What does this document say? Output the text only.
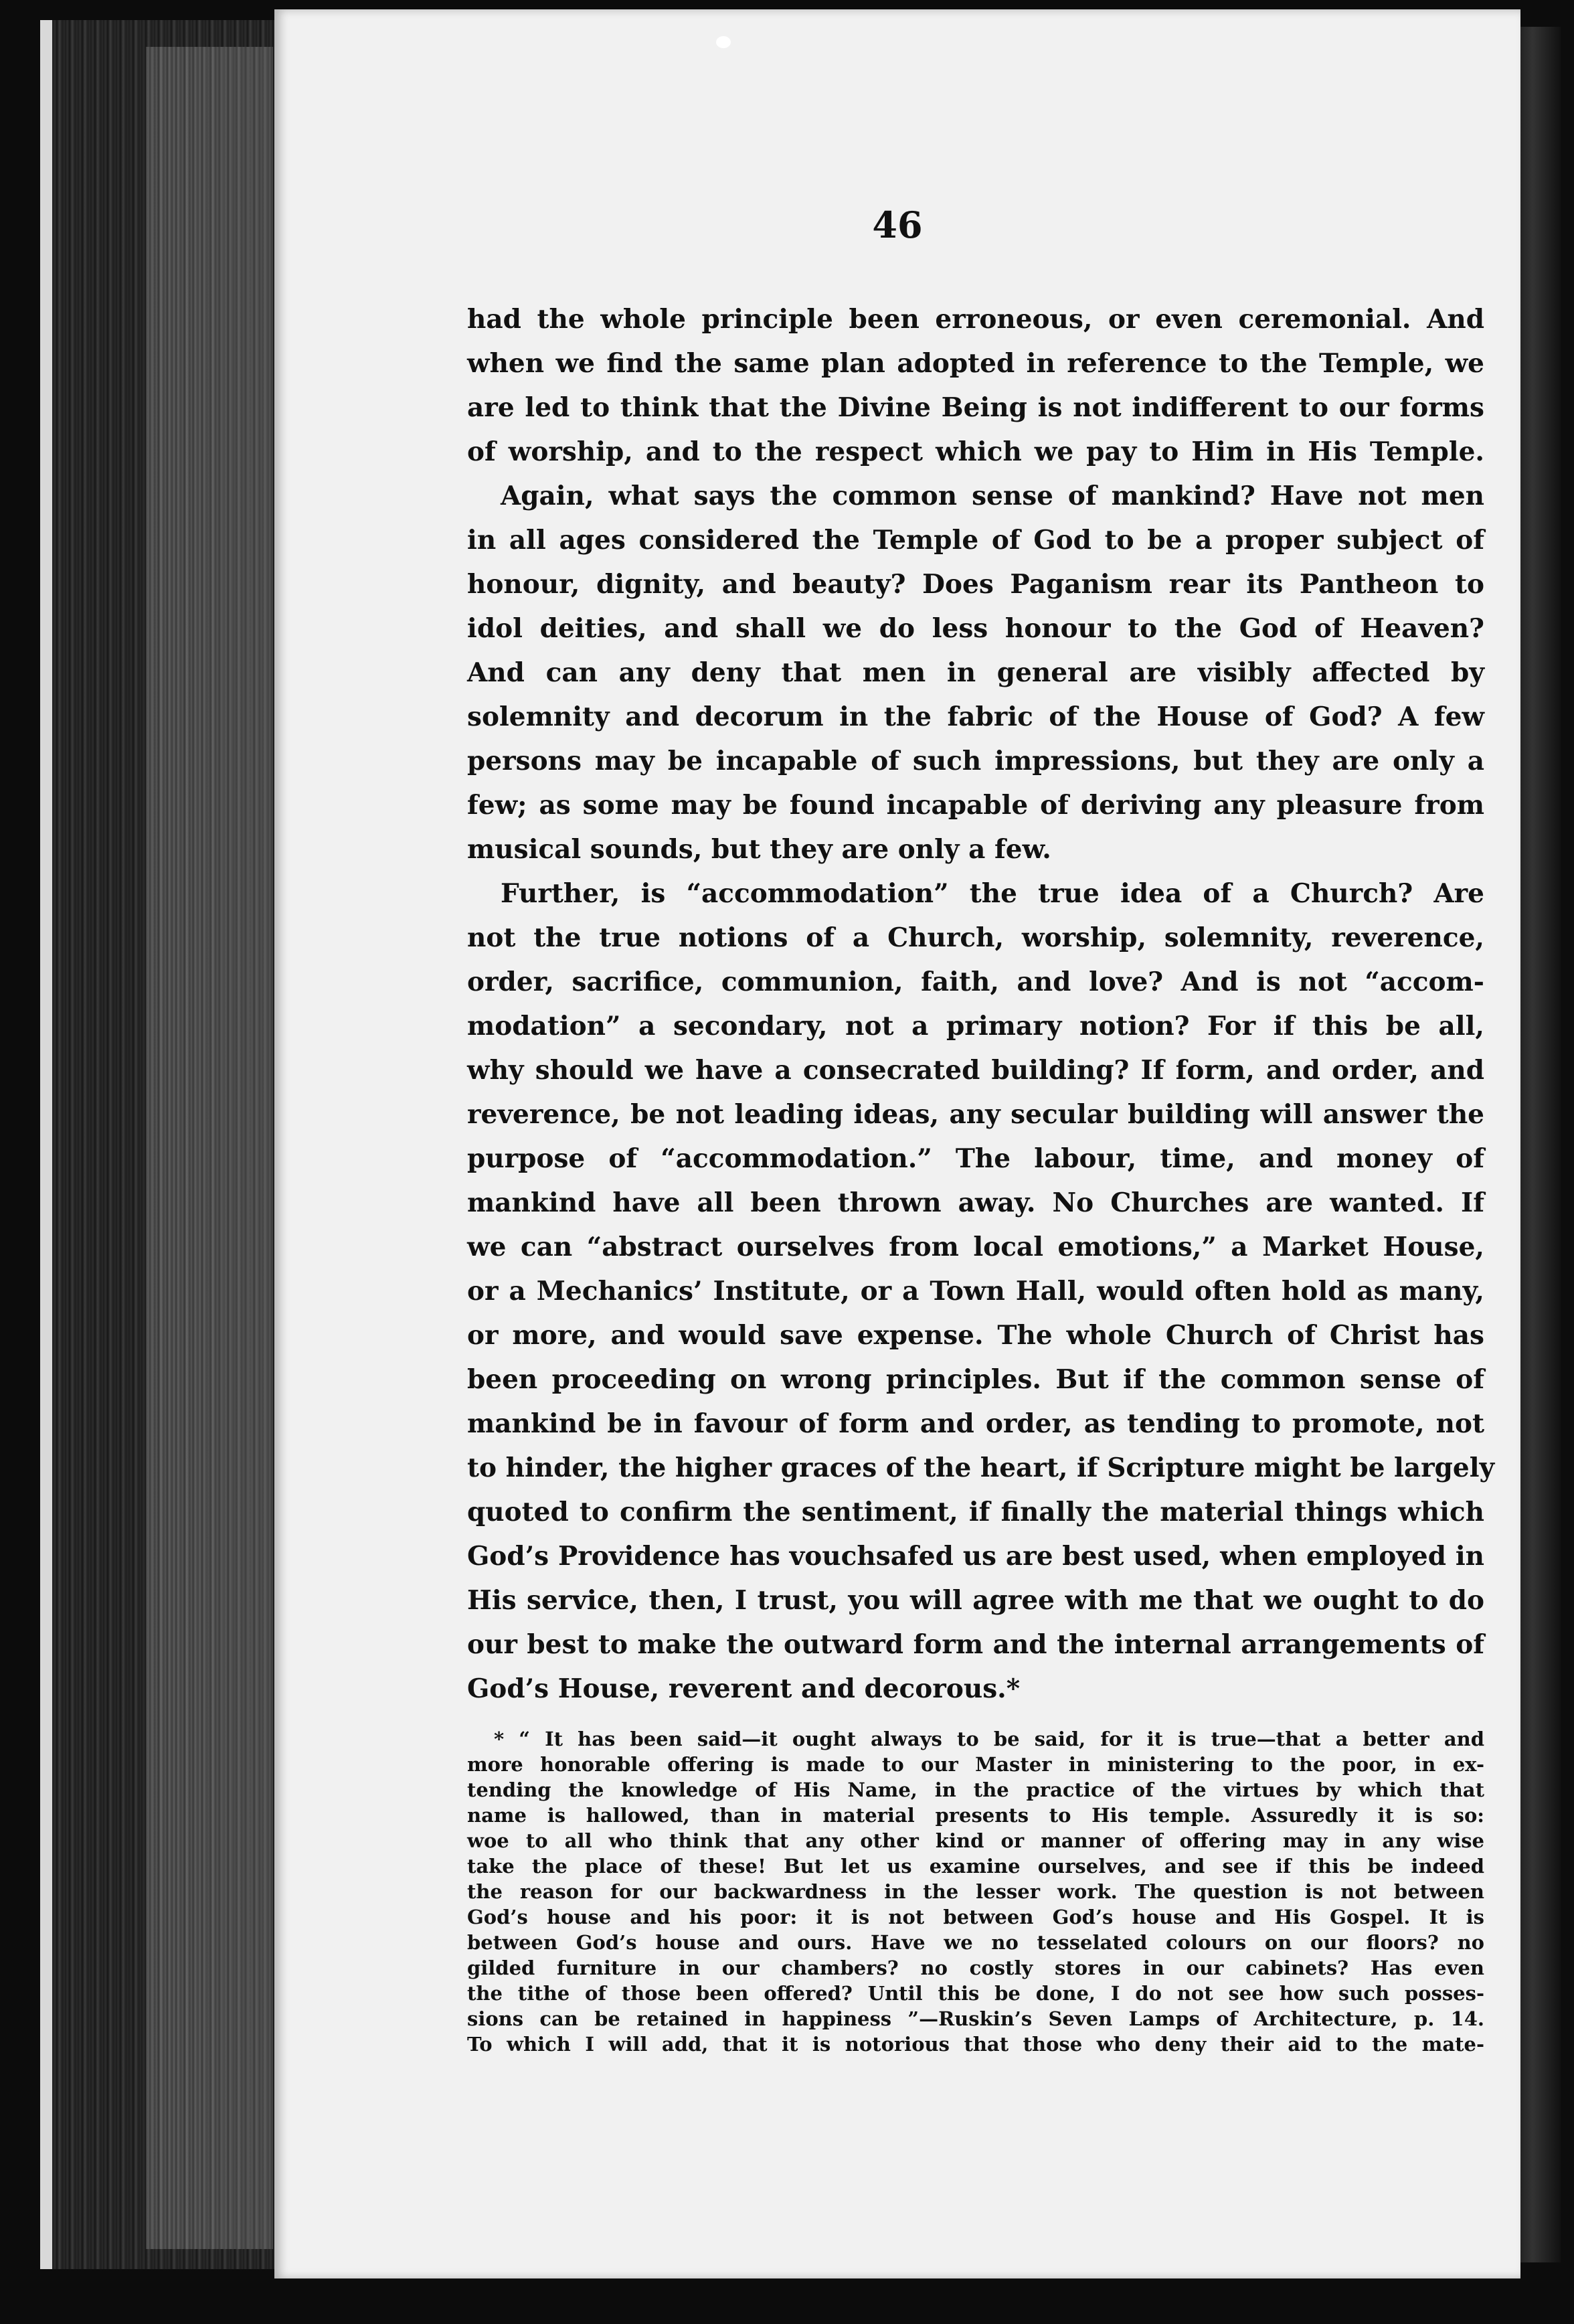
46
had the whole principle been erroneous, or even ceremonial. And
when we find the same plan adopted in reference to the Temple, we
are led to think that the Divine Being is not indifferent to our forms
of worship, and to the respect which we pay to Him in His Temple.
Again, what says the common sense of mankind? Have not men
in all ages considered the Temple of God to be a proper subject of
honour, dignity, and beauty? Does Paganism rear its Pantheon to
idol deities, and shall we do less honour to the God of Heaven?
And can any deny that men in general are visibly affected by
solemnity and decorum in the fabric of the House of God? A few
persons may be incapable of such impressions, but they are only a
few; as some may be found incapable of deriving any pleasure from
musical sounds, but they are only a few.
Further, is “accommodation” the true idea of a Church? Are
not the true notions of a Church, worship, solemnity, reverence,
order, sacrifice, communion, faith, and love? And is not “accom-
modation” a secondary, not a primary notion? For if this be all,
why should we have a consecrated building? If form, and order, and
reverence, be not leading ideas, any secular building will answer the
purpose of “accommodation.” The labour, time, and money of
mankind have all been thrown away. No Churches are wanted. If
we can “abstract ourselves from local emotions,” a Market House,
or a Mechanics’ Institute, or a Town Hall, would often hold as many,
or more, and would save expense. The whole Church of Christ has
been proceeding on wrong principles. But if the common sense of
mankind be in favour of form and order, as tending to promote, not
to hinder, the higher graces of the heart, if Scripture might be largely
quoted to confirm the sentiment, if finally the material things which
God’s Providence has vouchsafed us are best used, when employed in
His service, then, I trust, you will agree with me that we ought to do
our best to make the outward form and the internal arrangements of
God’s House, reverent and decorous.*
* “ It has been said—it ought always to be said, for it is true—that a better and
more honorable offering is made to our Master in ministering to the poor, in ex-
tending the knowledge of His Name, in the practice of the virtues by which that
name is hallowed, than in material presents to His temple. Assuredly it is so:
woe to all who think that any other kind or manner of offering may in any wise
take the place of these! But let us examine ourselves, and see if this be indeed
the reason for our backwardness in the lesser work. The question is not between
God’s house and his poor: it is not between God’s house and His Gospel. It is
between God’s house and ours. Have we no tesselated colours on our floors? no
gilded furniture in our chambers? no costly stores in our cabinets? Has even
the tithe of those been offered? Until this be done, I do not see how such posses-
sions can be retained in happiness ”—Ruskin’s Seven Lamps of Architecture, p. 14.
To which I will add, that it is notorious that those who deny their aid to the mate-
